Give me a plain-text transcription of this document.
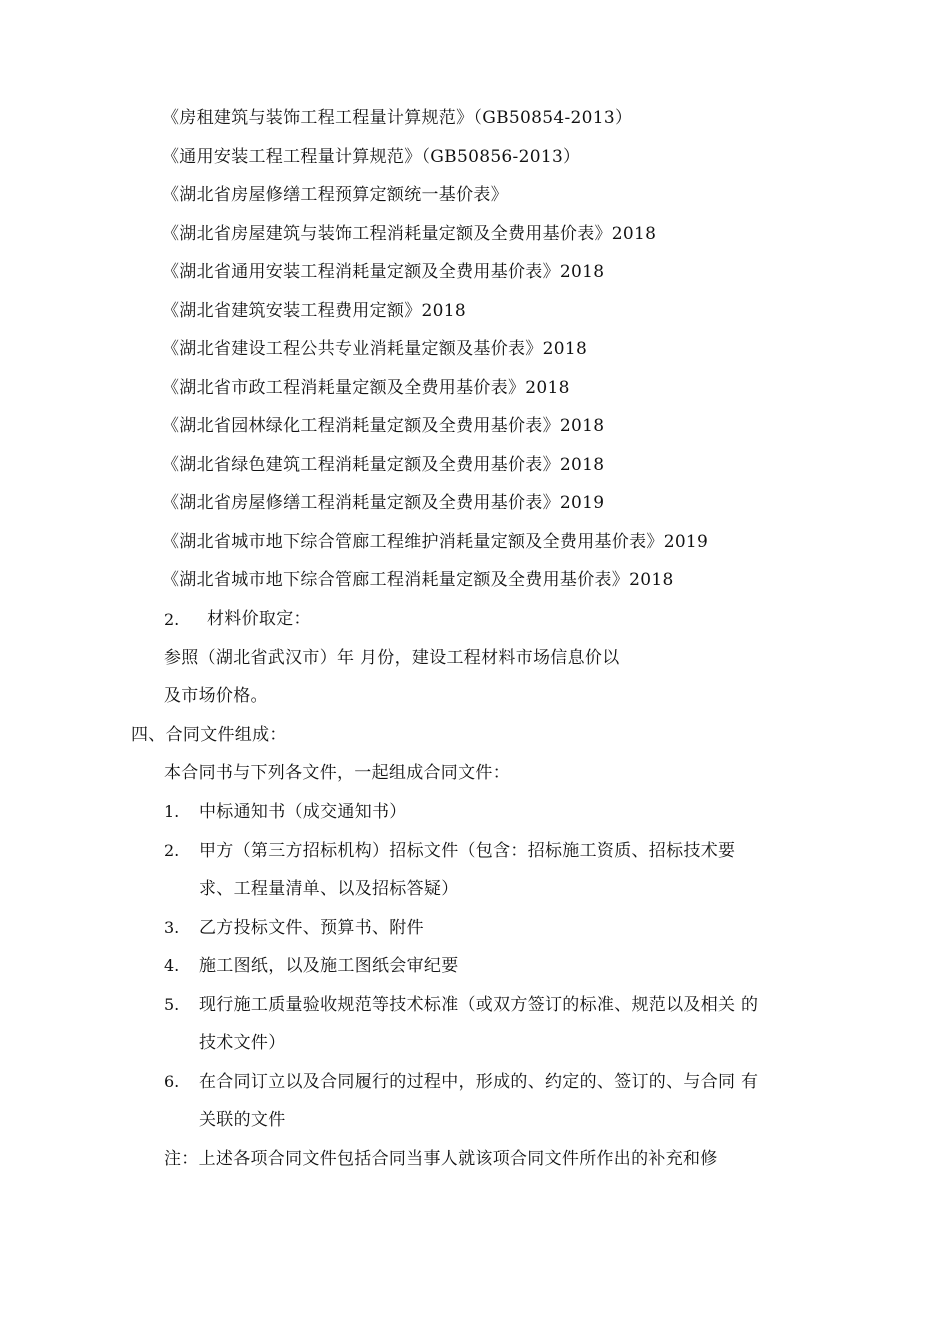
《房租建筑与装饰工程工程量计算规范》（GB50854-2013）
《通用安装工程工程量计算规范》（GB50856-2013）
《湖北省房屋修缮工程预算定额统一基价表》
《湖北省房屋建筑与装饰工程消耗量定额及全费用基价表》2018
《湖北省通用安装工程消耗量定额及全费用基价表》2018
《湖北省建筑安装工程费用定额》2018
《湖北省建设工程公共专业消耗量定额及基价表》2018
《湖北省市政工程消耗量定额及全费用基价表》2018
《湖北省园林绿化工程消耗量定额及全费用基价表》2018
《湖北省绿色建筑工程消耗量定额及全费用基价表》2018
《湖北省房屋修缮工程消耗量定额及全费用基价表》2019
《湖北省城市地下综合管廊工程维护消耗量定额及全费用基价表》2019
《湖北省城市地下综合管廊工程消耗量定额及全费用基价表》2018
2. 材料价取定：
参照（湖北省武汉市）年 月份，建设工程材料市场信息价以
及市场价格。
四、合同文件组成：
本合同书与下列各文件，一起组成合同文件：
1. 中标通知书（成交通知书）
2. 甲方（第三方招标机构）招标文件（包含：招标施工资质、招标技术要
求、工程量清单、以及招标答疑）
3. 乙方投标文件、预算书、附件
4. 施工图纸，以及施工图纸会审纪要
5. 现行施工质量验收规范等技术标准（或双方签订的标准、规范以及相关 的
技术文件）
6. 在合同订立以及合同履行的过程中，形成的、约定的、签订的、与合同 有
关联的文件
注：上述各项合同文件包括合同当事人就该项合同文件所作出的补充和修
